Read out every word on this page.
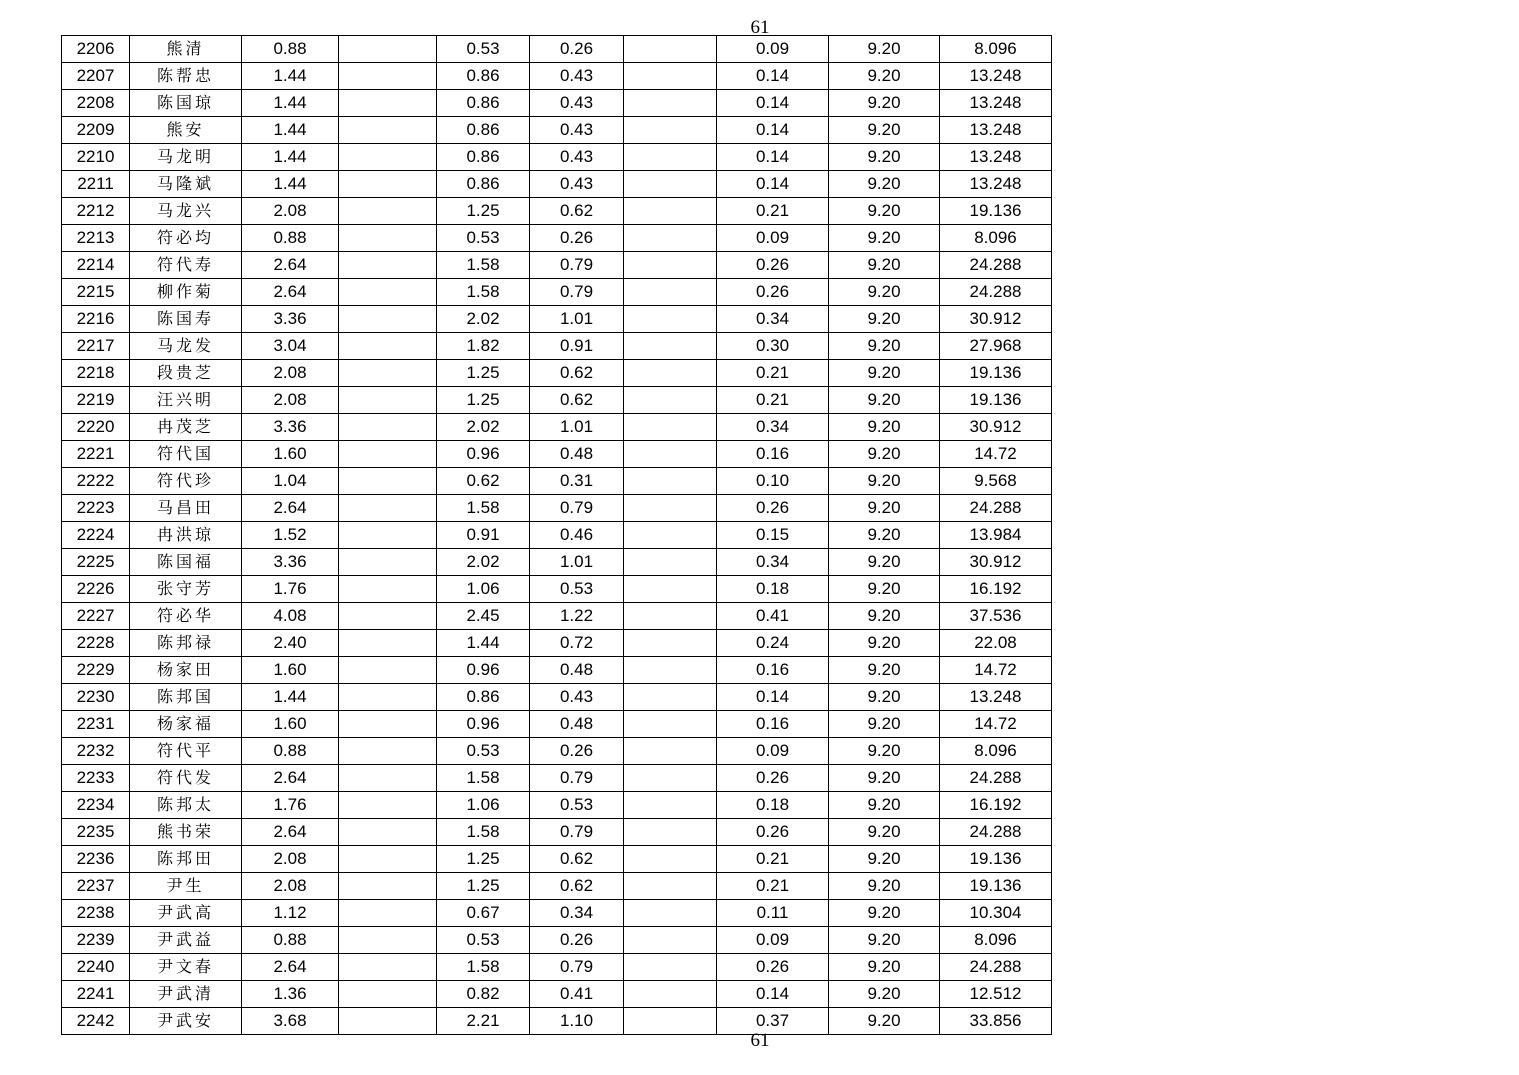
61
2206	熊清	0.88		0.53	0.26		0.09	9.20	8.096
2207	陈帮忠	1.44		0.86	0.43		0.14	9.20	13.248
2208	陈国琼	1.44		0.86	0.43		0.14	9.20	13.248
2209	熊安	1.44		0.86	0.43		0.14	9.20	13.248
2210	马龙明	1.44		0.86	0.43		0.14	9.20	13.248
2211	马隆斌	1.44		0.86	0.43		0.14	9.20	13.248
2212	马龙兴	2.08		1.25	0.62		0.21	9.20	19.136
2213	符必均	0.88		0.53	0.26		0.09	9.20	8.096
2214	符代寿	2.64		1.58	0.79		0.26	9.20	24.288
2215	柳作菊	2.64		1.58	0.79		0.26	9.20	24.288
2216	陈国寿	3.36		2.02	1.01		0.34	9.20	30.912
2217	马龙发	3.04		1.82	0.91		0.30	9.20	27.968
2218	段贵芝	2.08		1.25	0.62		0.21	9.20	19.136
2219	汪兴明	2.08		1.25	0.62		0.21	9.20	19.136
2220	冉茂芝	3.36		2.02	1.01		0.34	9.20	30.912
2221	符代国	1.60		0.96	0.48		0.16	9.20	14.72
2222	符代珍	1.04		0.62	0.31		0.10	9.20	9.568
2223	马昌田	2.64		1.58	0.79		0.26	9.20	24.288
2224	冉洪琼	1.52		0.91	0.46		0.15	9.20	13.984
2225	陈国福	3.36		2.02	1.01		0.34	9.20	30.912
2226	张守芳	1.76		1.06	0.53		0.18	9.20	16.192
2227	符必华	4.08		2.45	1.22		0.41	9.20	37.536
2228	陈邦禄	2.40		1.44	0.72		0.24	9.20	22.08
2229	杨家田	1.60		0.96	0.48		0.16	9.20	14.72
2230	陈邦国	1.44		0.86	0.43		0.14	9.20	13.248
2231	杨家福	1.60		0.96	0.48		0.16	9.20	14.72
2232	符代平	0.88		0.53	0.26		0.09	9.20	8.096
2233	符代发	2.64		1.58	0.79		0.26	9.20	24.288
2234	陈邦太	1.76		1.06	0.53		0.18	9.20	16.192
2235	熊书荣	2.64		1.58	0.79		0.26	9.20	24.288
2236	陈邦田	2.08		1.25	0.62		0.21	9.20	19.136
2237	尹生	2.08		1.25	0.62		0.21	9.20	19.136
2238	尹武高	1.12		0.67	0.34		0.11	9.20	10.304
2239	尹武益	0.88		0.53	0.26		0.09	9.20	8.096
2240	尹文春	2.64		1.58	0.79		0.26	9.20	24.288
2241	尹武清	1.36		0.82	0.41		0.14	9.20	12.512
2242	尹武安	3.68		2.21	1.10		0.37	9.20	33.856
61
